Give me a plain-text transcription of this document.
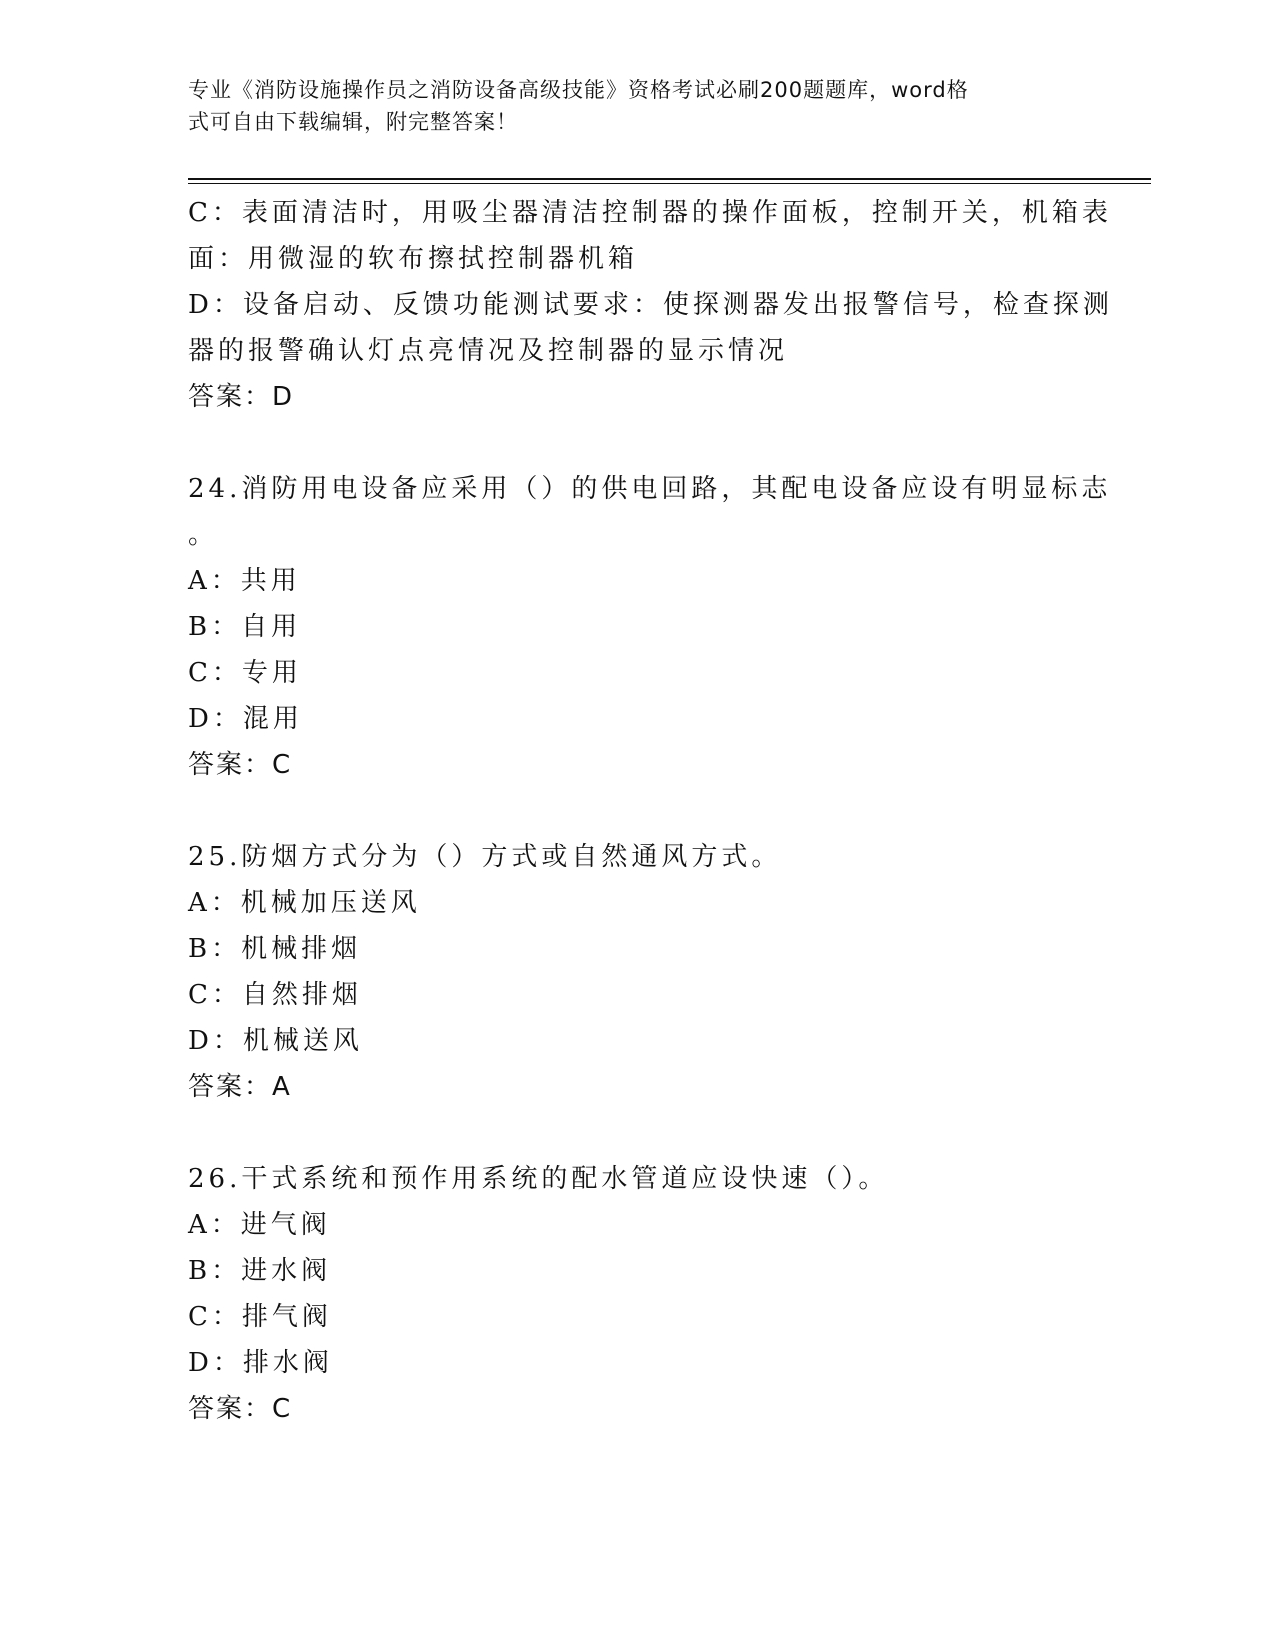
专业《消防设施操作员之消防设备高级技能》资格考试必刷200题题库，word格
式可自由下载编辑，附完整答案！
C：表面清洁时，用吸尘器清洁控制器的操作面板，控制开关，机箱表
面：用微湿的软布擦拭控制器机箱
D：设备启动、反馈功能测试要求：使探测器发出报警信号，检查探测
器的报警确认灯点亮情况及控制器的显示情况
答案：D
24.消防用电设备应采用（）的供电回路，其配电设备应设有明显标志
。
A：共用
B：自用
C：专用
D：混用
答案：C
25.防烟方式分为（）方式或自然通风方式。
A：机械加压送风
B：机械排烟
C：自然排烟
D：机械送风
答案：A
26.干式系统和预作用系统的配水管道应设快速（）。
A：进气阀
B：进水阀
C：排气阀
D：排水阀
答案：C
